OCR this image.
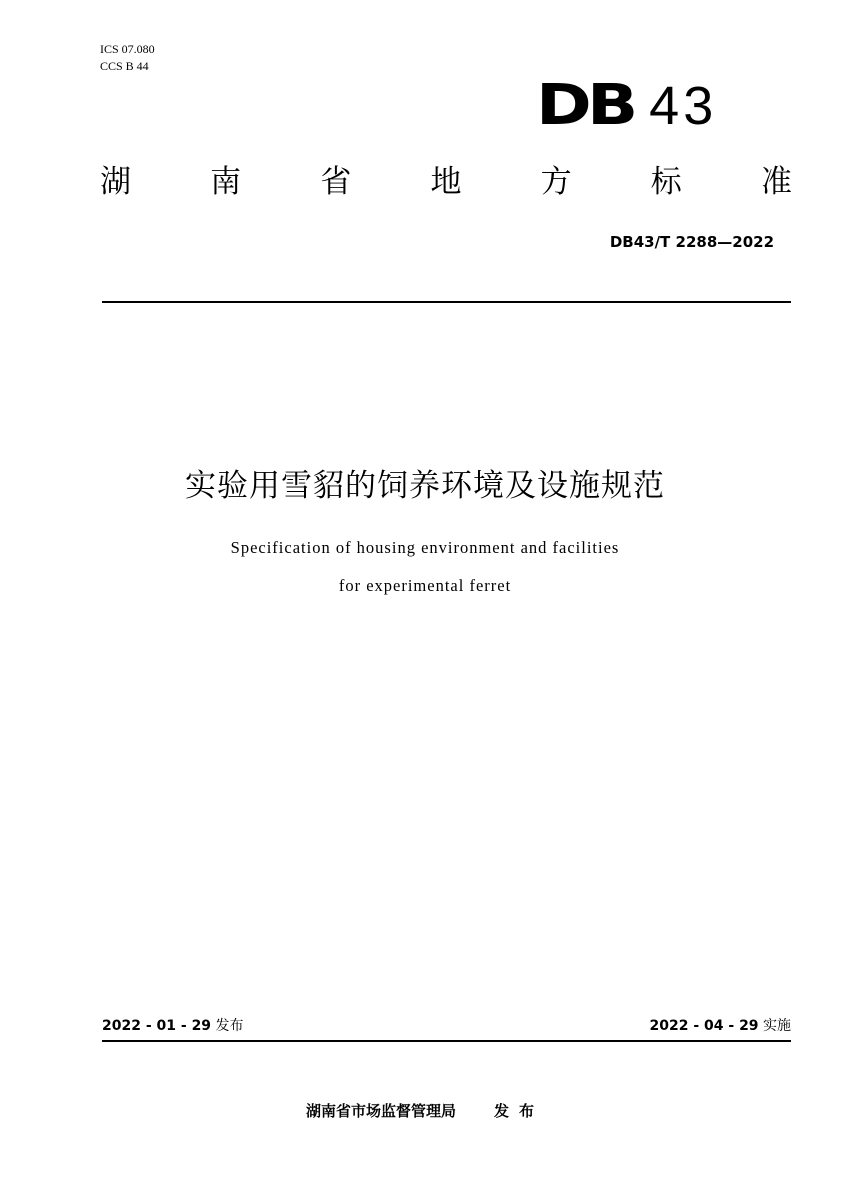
ICS 07.080
CCS B 44
DB 43
湖	南	省	地	方	标	准
DB43/T 2288—2022
实验用雪貂的饲养环境及设施规范
Specification of housing environment and facilities
for experimental ferret
2022 - 01 - 29 发布	2022 - 04 - 29 实施
湖南省市场监督管理局	发布
